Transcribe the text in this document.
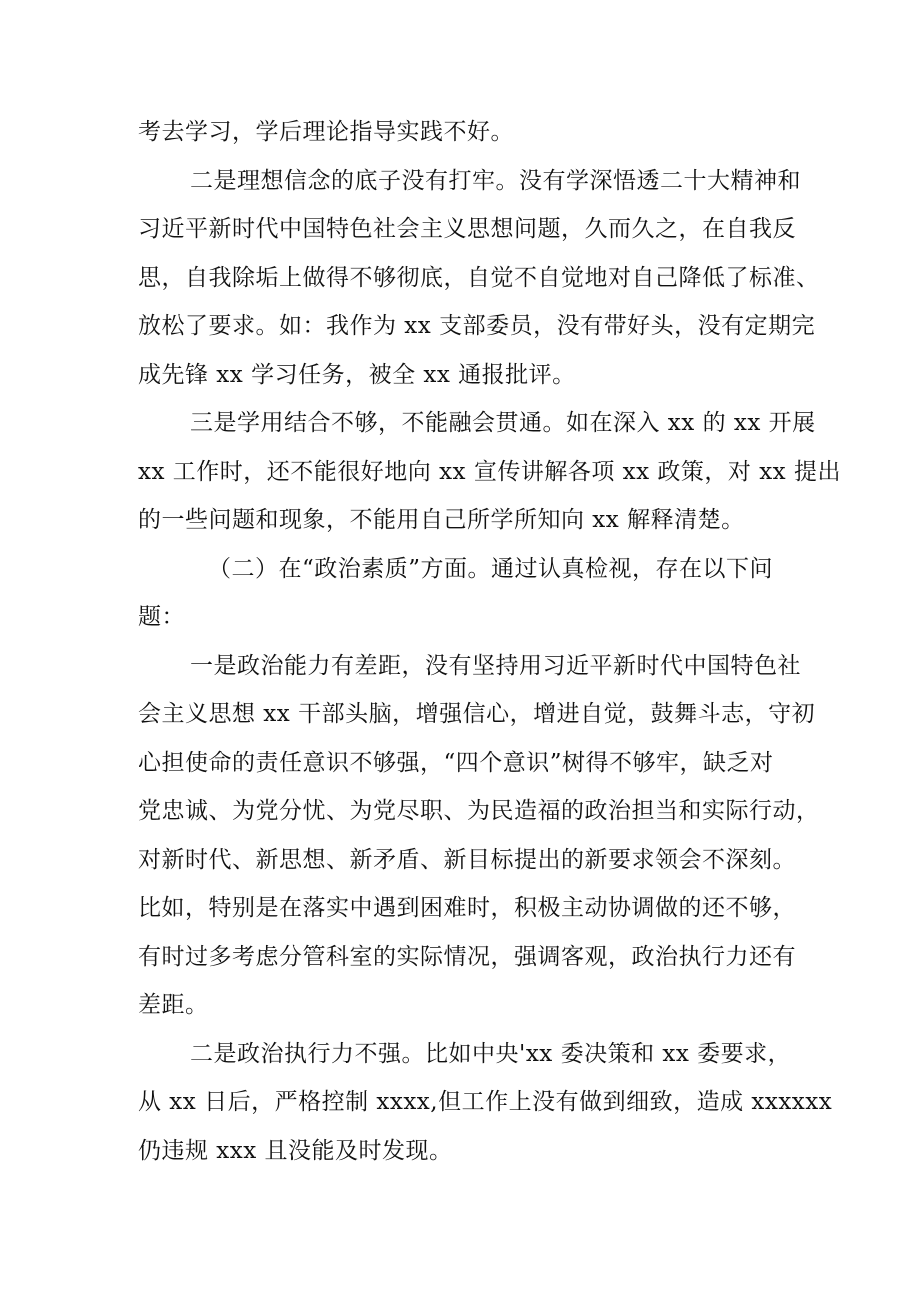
考去学习，学后理论指导实践不好。

二是理想信念的底子没有打牢。没有学深悟透二十大精神和
习近平新时代中国特色社会主义思想问题，久而久之，在自我反
思，自我除垢上做得不够彻底，自觉不自觉地对自己降低了标准、
放松了要求。如：我作为 xx 支部委员，没有带好头，没有定期完
成先锋 xx 学习任务，被全 xx 通报批评。

三是学用结合不够，不能融会贯通。如在深入 xx 的 xx 开展
xx 工作时，还不能很好地向 xx 宣传讲解各项 xx 政策，对 xx 提出
的一些问题和现象，不能用自己所学所知向 xx 解释清楚。

（二）在“政治素质”方面。通过认真检视，存在以下问
题：

一是政治能力有差距，没有坚持用习近平新时代中国特色社
会主义思想 xx 干部头脑，增强信心，增进自觉，鼓舞斗志，守初
心担使命的责任意识不够强，“四个意识”树得不够牢，缺乏对
党忠诚、为党分忧、为党尽职、为民造福的政治担当和实际行动，
对新时代、新思想、新矛盾、新目标提出的新要求领会不深刻。
比如，特别是在落实中遇到困难时，积极主动协调做的还不够，
有时过多考虑分管科室的实际情况，强调客观，政治执行力还有
差距。

二是政治执行力不强。比如中央'xx 委决策和 xx 委要求，
从 xx 日后，严格控制 xxxx,但工作上没有做到细致，造成 xxxxxx
仍违规 xxx 且没能及时发现。
